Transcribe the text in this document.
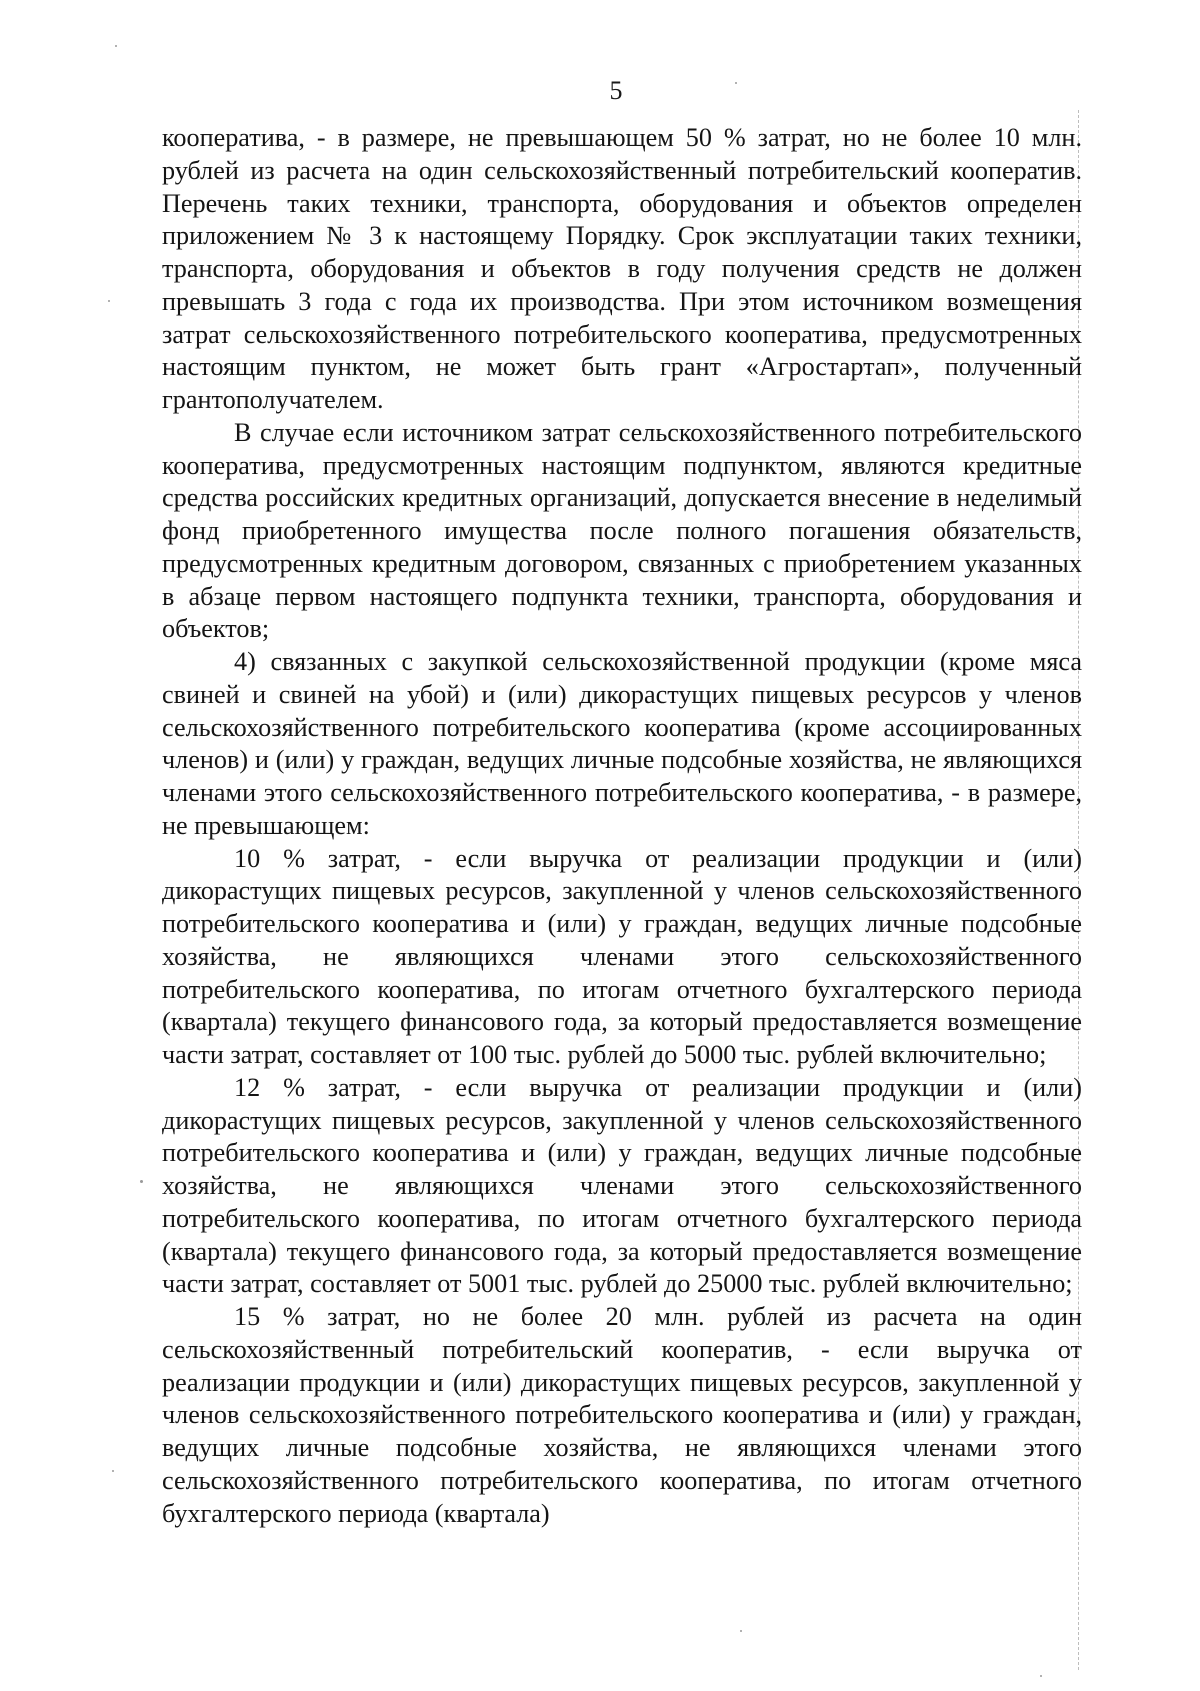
5

кооператива, - в размере, не превышающем 50 % затрат, но не более 10 млн. рублей из расчета на один сельскохозяйственный потребительский кооператив. Перечень таких техники, транспорта, оборудования и объектов определен приложением № 3 к настоящему Порядку. Срок эксплуатации таких техники, транспорта, оборудования и объектов в году получения средств не должен превышать 3 года с года их производства. При этом источником возмещения затрат сельскохозяйственного потребительского кооператива, предусмотренных настоящим пунктом, не может быть грант «Агростартап», полученный грантополучателем.

В случае если источником затрат сельскохозяйственного потребительского кооператива, предусмотренных настоящим подпунктом, являются кредитные средства российских кредитных организаций, допускается внесение в неделимый фонд приобретенного имущества после полного погашения обязательств, предусмотренных кредитным договором, связанных с приобретением указанных в абзаце первом настоящего подпункта техники, транспорта, оборудования и объектов;

4) связанных с закупкой сельскохозяйственной продукции (кроме мяса свиней и свиней на убой) и (или) дикорастущих пищевых ресурсов у членов сельскохозяйственного потребительского кооператива (кроме ассоциированных членов) и (или) у граждан, ведущих личные подсобные хозяйства, не являющихся членами этого сельскохозяйственного потребительского кооператива, - в размере, не превышающем:

10 % затрат, - если выручка от реализации продукции и (или) дикорастущих пищевых ресурсов, закупленной у членов сельскохозяйственного потребительского кооператива и (или) у граждан, ведущих личные подсобные хозяйства, не являющихся членами этого сельскохозяйственного потребительского кооператива, по итогам отчетного бухгалтерского периода (квартала) текущего финансового года, за который предоставляется возмещение части затрат, составляет от 100 тыс. рублей до 5000 тыс. рублей включительно;

12 % затрат, - если выручка от реализации продукции и (или) дикорастущих пищевых ресурсов, закупленной у членов сельскохозяйственного потребительского кооператива и (или) у граждан, ведущих личные подсобные хозяйства, не являющихся членами этого сельскохозяйственного потребительского кооператива, по итогам отчетного бухгалтерского периода (квартала) текущего финансового года, за который предоставляется возмещение части затрат, составляет от 5001 тыс. рублей до 25000 тыс. рублей включительно;

15 % затрат, но не более 20 млн. рублей из расчета на один сельскохозяйственный потребительский кооператив, - если выручка от реализации продукции и (или) дикорастущих пищевых ресурсов, закупленной у членов сельскохозяйственного потребительского кооператива и (или) у граждан, ведущих личные подсобные хозяйства, не являющихся членами этого сельскохозяйственного потребительского кооператива, по итогам отчетного бухгалтерского периода (квартала)
